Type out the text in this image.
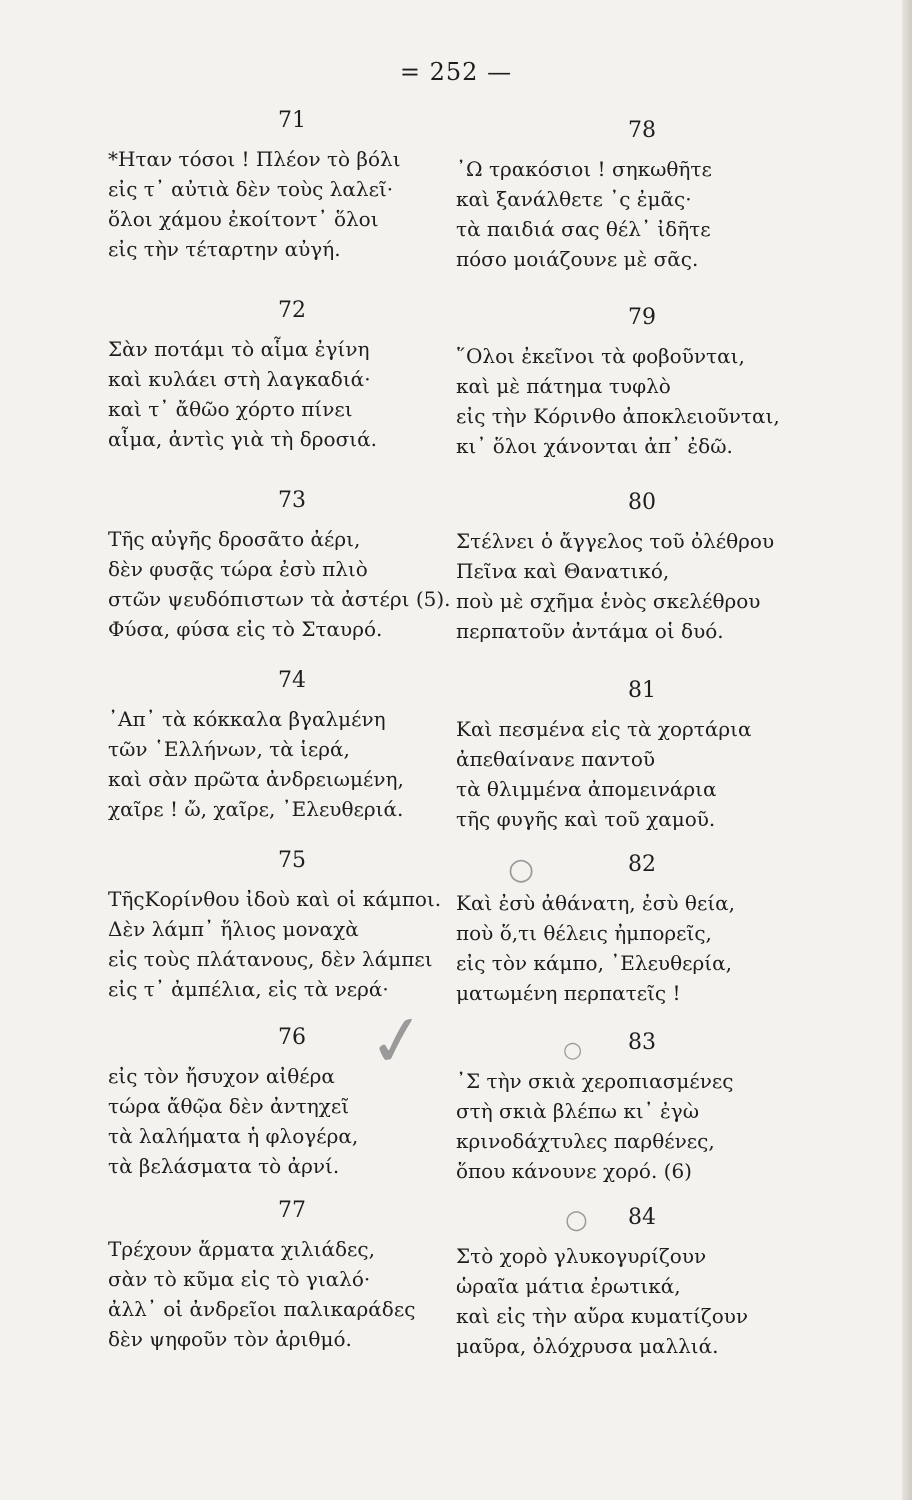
= 252 —
71
*Ηταν τόσοι ! Πλέον τὸ βόλι
εἰς τ᾽ αὐτιὰ δὲν τοὺς λαλεῖ·
ὅλοι χάμου ἐκοίτοντ᾽ ὅλοι
εἰς τὴν τέταρτην αὐγή.
72
Σὰν ποτάμι τὸ αἷμα ἐγίνη
καὶ κυλάει στὴ λαγκαδιά·
καὶ τ᾽ ἄθῶο χόρτο πίνει
αἷμα, ἀντὶς γιὰ τὴ δροσιά.
73
Τῆς αὐγῆς δροσᾶτο ἀέρι,
δὲν φυσᾷς τώρα ἐσὺ πλιὸ
στῶν ψευδόπιστων τὰ ἀστέρι (5).
Φύσα, φύσα εἰς τὸ Σταυρό.
74
᾽Απ᾽ τὰ κόκκαλα βγαλμένη
τῶν ῾Ελλήνων, τὰ ἱερά,
καὶ σὰν πρῶτα ἀνδρειωμένη,
χαῖρε ! ὤ, χαῖρε, ᾽Ελευθεριά.
75
ΤῆςΚορίνθου ἰδοὺ καὶ οἱ κάμποι.
Δὲν λάμπ᾽ ἥλιος μοναχὰ
εἰς τοὺς πλάτανους, δὲν λάμπει
εἰς τ᾽ ἀμπέλια, εἰς τὰ νερά·
76
εἰς τὸν ἤσυχον αἰθέρα
τώρα ἄθῷα δὲν ἀντηχεῖ
τὰ λαλήματα ἡ φλογέρα,
τὰ βελάσματα τὸ ἀρνί.
77
Τρέχουν ἅρματα χιλιάδες,
σὰν τὸ κῦμα εἰς τὸ γιαλό·
ἀλλ᾽ οἱ ἀνδρεῖοι παλικαράδες
δὲν ψηφοῦν τὸν ἀριθμό.
78
᾽Ω τρακόσιοι ! σηκωθῆτε
καὶ ξανάλθετε ᾽ς ἐμᾶς·
τὰ παιδιά σας θέλ᾽ ἰδῆτε
πόσο μοιάζουνε μὲ σᾶς.
79
῞Ολοι ἐκεῖνοι τὰ φοβοῦνται,
καὶ μὲ πάτημα τυφλὸ
εἰς τὴν Κόρινθο ἀποκλειοῦνται,
κι᾽ ὅλοι χάνονται ἀπ᾽ ἐδῶ.
80
Στέλνει ὁ ἄγγελος τοῦ ὀλέθρου
Πεῖνα καὶ Θανατικό,
ποὺ μὲ σχῆμα ἑνὸς σκελέθρου
περπατοῦν ἀντάμα οἱ δυό.
81
Καὶ πεσμένα εἰς τὰ χορτάρια
ἀπεθαίνανε παντοῦ
τὰ θλιμμένα ἀπομεινάρια
τῆς φυγῆς καὶ τοῦ χαμοῦ.
82
Καὶ ἐσὺ ἀθάνατη, ἐσὺ θεία,
ποὺ ὅ,τι θέλεις ἠμπορεῖς,
εἰς τὸν κάμπο, ᾽Ελευθερία,
ματωμένη περπατεῖς !
83
᾽Σ τὴν σκιὰ χεροπιασμένες
στὴ σκιὰ βλέπω κι᾽ ἐγὼ
κρινοδάχτυλες παρθένες,
ὅπου κάνουνε χορό. (6)
84
Στὸ χορὸ γλυκογυρίζουν
ὡραῖα μάτια ἐρωτικά,
καὶ εἰς τὴν αὔρα κυματίζουν
μαῦρα, ὀλόχρυσα μαλλιά.
✓
○
○
○
